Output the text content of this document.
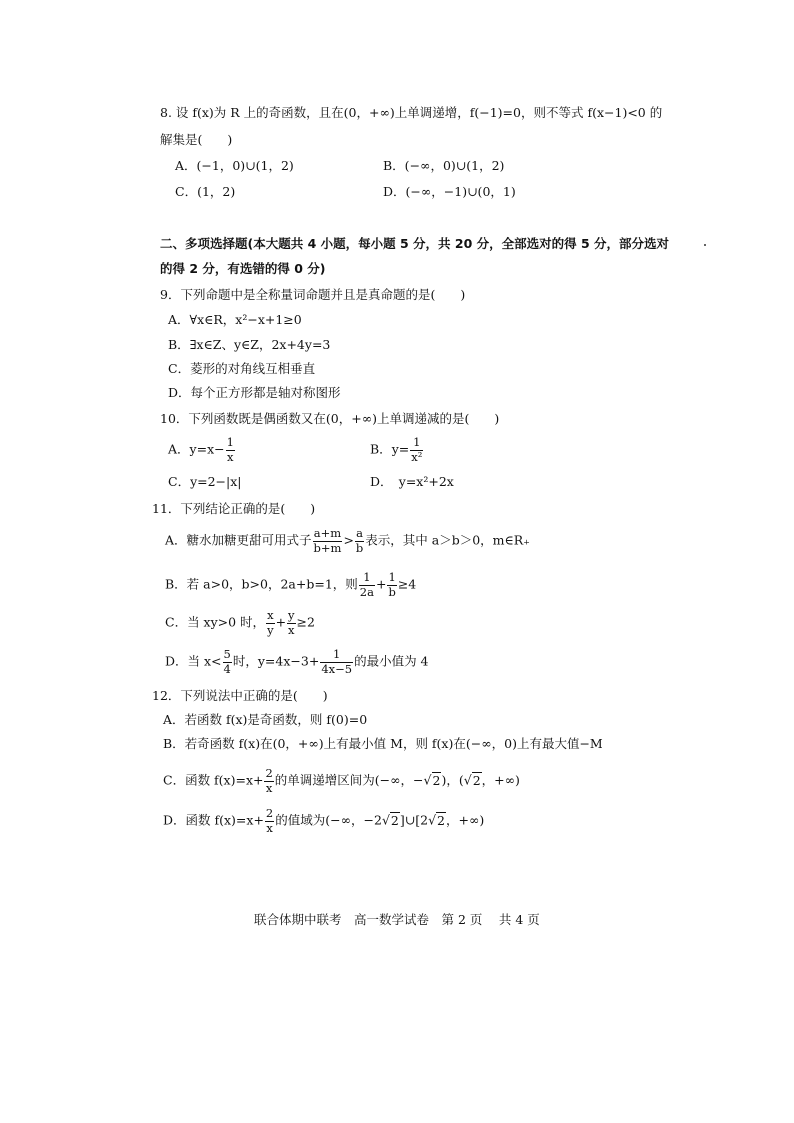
8. 设 f(x)为 R 上的奇函数，且在(0，+∞)上单调递增，f(−1)=0，则不等式 f(x−1)<0 的
解集是(　　)
A．(−1，0)∪(1，2)	B．(−∞，0)∪(1，2)
C．(1，2)	D．(−∞，−1)∪(0，1)
二、多项选择题(本大题共 4 小题，每小题 5 分，共 20 分，全部选对的得 5 分，部分选对
的得 2 分，有选错的得 0 分)
9．下列命题中是全称量词命题并且是真命题的是(　　)
A．∀x∈R，x²−x+1≥0
B．∃x∈Z、y∈Z，2x+4y=3
C．菱形的对角线互相垂直
D．每个正方形都是轴对称图形
10．下列函数既是偶函数又在(0，+∞)上单调递减的是(　　)
A．$y=x- \frac{1}{x}$	B．$y= \frac{1}{\text{x²}}$
C．y=2−|x|	D．　y=x²+2x
11．下列结论正确的是(　　)
A．糖水加糖更甜可用式子 $\frac{a+m}{b+m} > \frac{a}{b}$ 表示，其中 a＞b＞0，m∈R₊
B．若 a>0，b>0，2a+b=1，则 $\frac{1}{2a} + \frac{1}{b} \ge 4$
C．当 xy>0 时， $\frac{x}{y} + \frac{y}{x} \ge 2$
D．当 $x< \frac{5}{4}$ 时，$y=4x-3+ \frac{1}{4x-5}$ 的最小值为 4
12．下列说法中正确的是(　　)
A．若函数 f(x)是奇函数，则 f(0)=0
B．若奇函数 f(x)在(0，+∞)上有最小值 M，则 f(x)在(−∞，0)上有最大值−M
C．函数 $f(x)=x+ \frac{2}{x}$ 的单调递增区间为(−∞，−√2)，(√2，+∞)
D．函数 $f(x)=x+ \frac{2}{x}$ 的值域为(−∞，−2√2]∪[2√2，+∞)
联合体期中联考　高一数学试卷　第 2 页　 共 4 页
